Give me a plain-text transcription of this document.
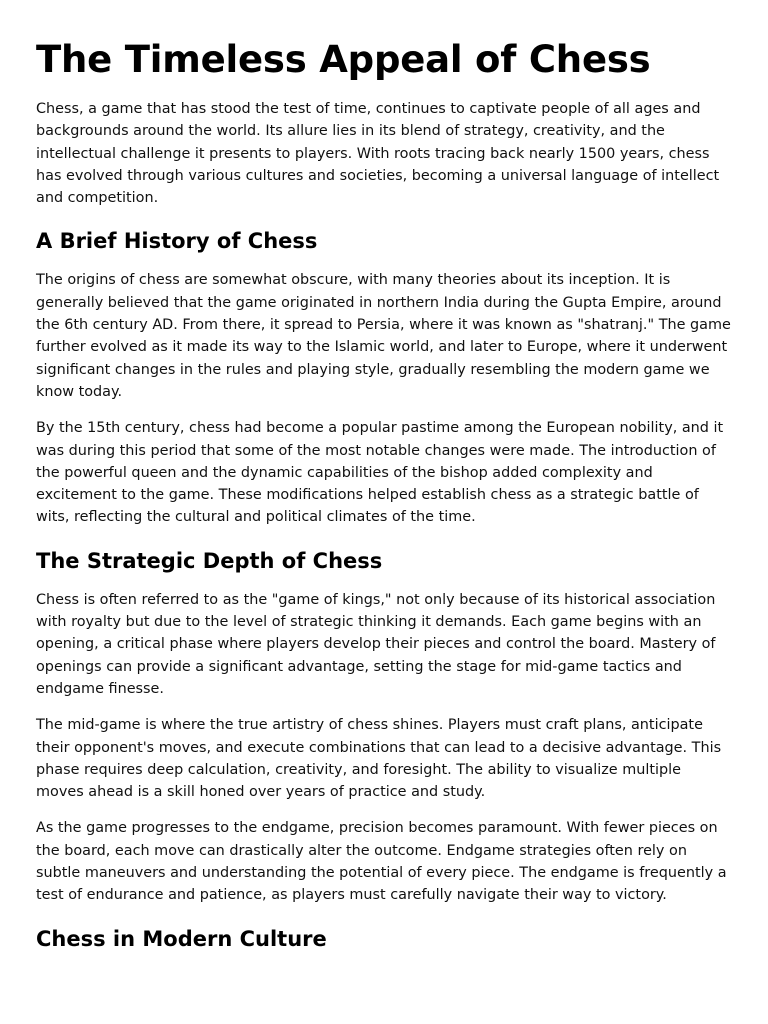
The Timeless Appeal of Chess

Chess, a game that has stood the test of time, continues to captivate people of all ages and backgrounds around the world. Its allure lies in its blend of strategy, creativity, and the intellectual challenge it presents to players. With roots tracing back nearly 1500 years, chess has evolved through various cultures and societies, becoming a universal language of intellect and competition.

A Brief History of Chess

The origins of chess are somewhat obscure, with many theories about its inception. It is generally believed that the game originated in northern India during the Gupta Empire, around the 6th century AD. From there, it spread to Persia, where it was known as "shatranj." The game further evolved as it made its way to the Islamic world, and later to Europe, where it underwent significant changes in the rules and playing style, gradually resembling the modern game we know today.

By the 15th century, chess had become a popular pastime among the European nobility, and it was during this period that some of the most notable changes were made. The introduction of the powerful queen and the dynamic capabilities of the bishop added complexity and excitement to the game. These modifications helped establish chess as a strategic battle of wits, reflecting the cultural and political climates of the time.

The Strategic Depth of Chess

Chess is often referred to as the "game of kings," not only because of its historical association with royalty but due to the level of strategic thinking it demands. Each game begins with an opening, a critical phase where players develop their pieces and control the board. Mastery of openings can provide a significant advantage, setting the stage for mid-game tactics and endgame finesse.

The mid-game is where the true artistry of chess shines. Players must craft plans, anticipate their opponent's moves, and execute combinations that can lead to a decisive advantage. This phase requires deep calculation, creativity, and foresight. The ability to visualize multiple moves ahead is a skill honed over years of practice and study.

As the game progresses to the endgame, precision becomes paramount. With fewer pieces on the board, each move can drastically alter the outcome. Endgame strategies often rely on subtle maneuvers and understanding the potential of every piece. The endgame is frequently a test of endurance and patience, as players must carefully navigate their way to victory.

Chess in Modern Culture
